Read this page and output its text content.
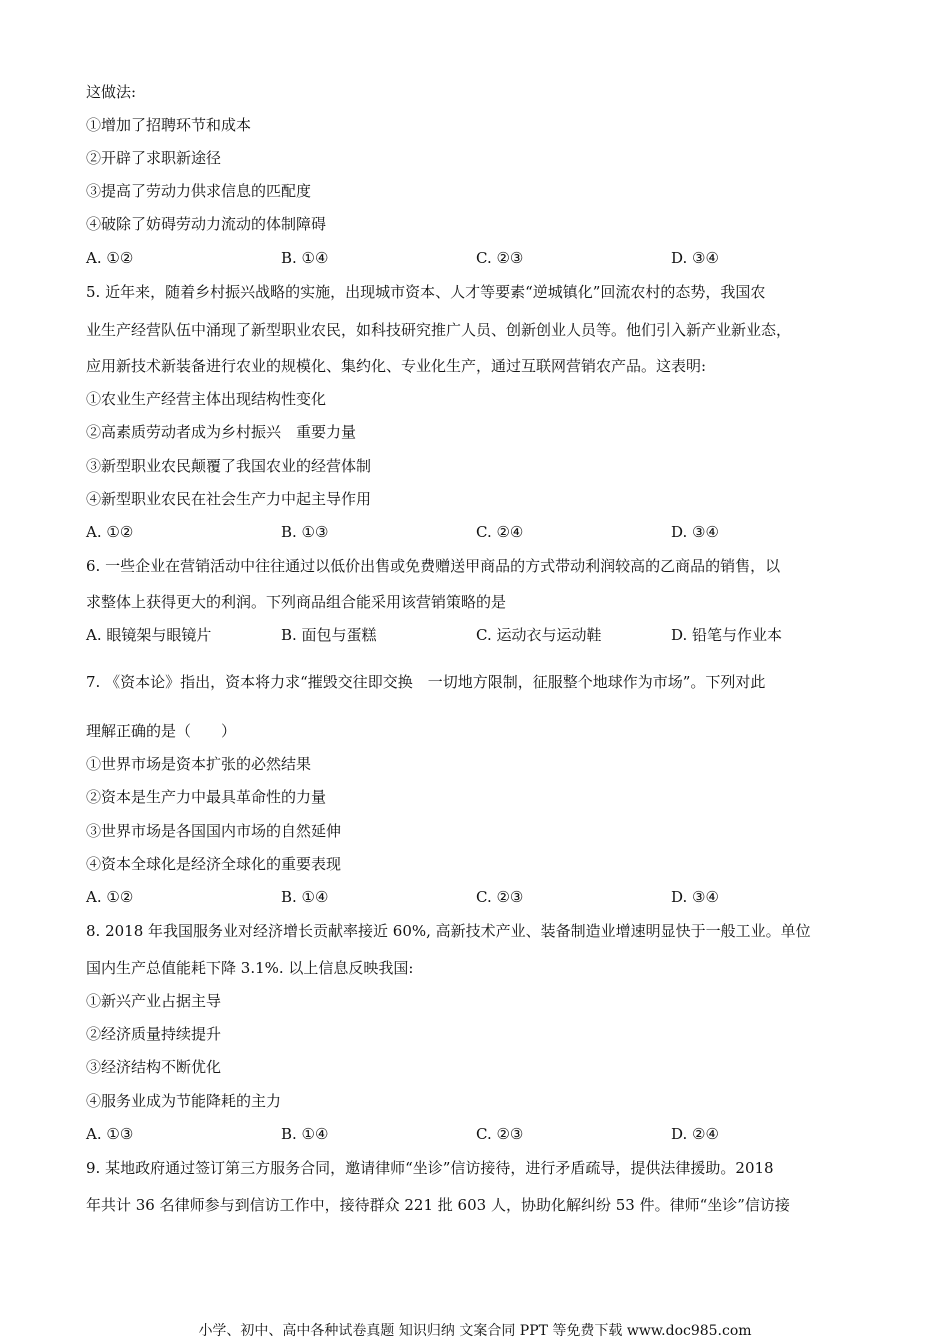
这做法:
①增加了招聘环节和成本
②开辟了求职新途径
③提高了劳动力供求信息的匹配度
④破除了妨碍劳动力流动的体制障碍
A. ①②	B. ①④	C. ②③	D. ③④
5. 近年来，随着乡村振兴战略的实施，出现城市资本、人才等要素“逆城镇化”回流农村的态势，我国农
业生产经营队伍中涌现了新型职业农民，如科技研究推广人员、创新创业人员等。他们引入新产业新业态，
应用新技术新装备进行农业的规模化、集约化、专业化生产，通过互联网营销农产品。这表明:
①农业生产经营主体出现结构性变化
②高素质劳动者成为乡村振兴　重要力量
③新型职业农民颠覆了我国农业的经营体制
④新型职业农民在社会生产力中起主导作用
A. ①②	B. ①③	C. ②④	D. ③④
6. 一些企业在营销活动中往往通过以低价出售或免费赠送甲商品的方式带动利润较高的乙商品的销售，以
求整体上获得更大的利润。下列商品组合能采用该营销策略的是
A. 眼镜架与眼镜片	B. 面包与蛋糕	C. 运动衣与运动鞋	D. 铅笔与作业本
7. 《资本论》指出，资本将力求“摧毁交往即交换　一切地方限制，征服整个地球作为市场”。下列对此
理解正确的是（　　）
①世界市场是资本扩张的必然结果
②资本是生产力中最具革命性的力量
③世界市场是各国国内市场的自然延伸
④资本全球化是经济全球化的重要表现
A. ①②	B. ①④	C. ②③	D. ③④
8. 2018 年我国服务业对经济增长贡献率接近 60%, 高新技术产业、装备制造业增速明显快于一般工业。单位
国内生产总值能耗下降 3.1%. 以上信息反映我国:
①新兴产业占据主导
②经济质量持续提升
③经济结构不断优化
④服务业成为节能降耗的主力
A. ①③	B. ①④	C. ②③	D. ②④
9. 某地政府通过签订第三方服务合同，邀请律师“坐诊”信访接待，进行矛盾疏导，提供法律援助。2018
年共计 36 名律师参与到信访工作中，接待群众 221 批 603 人，协助化解纠纷 53 件。律师“坐诊”信访接
小学、初中、高中各种试卷真题 知识归纳 文案合同 PPT 等免费下载 www.doc985.com
